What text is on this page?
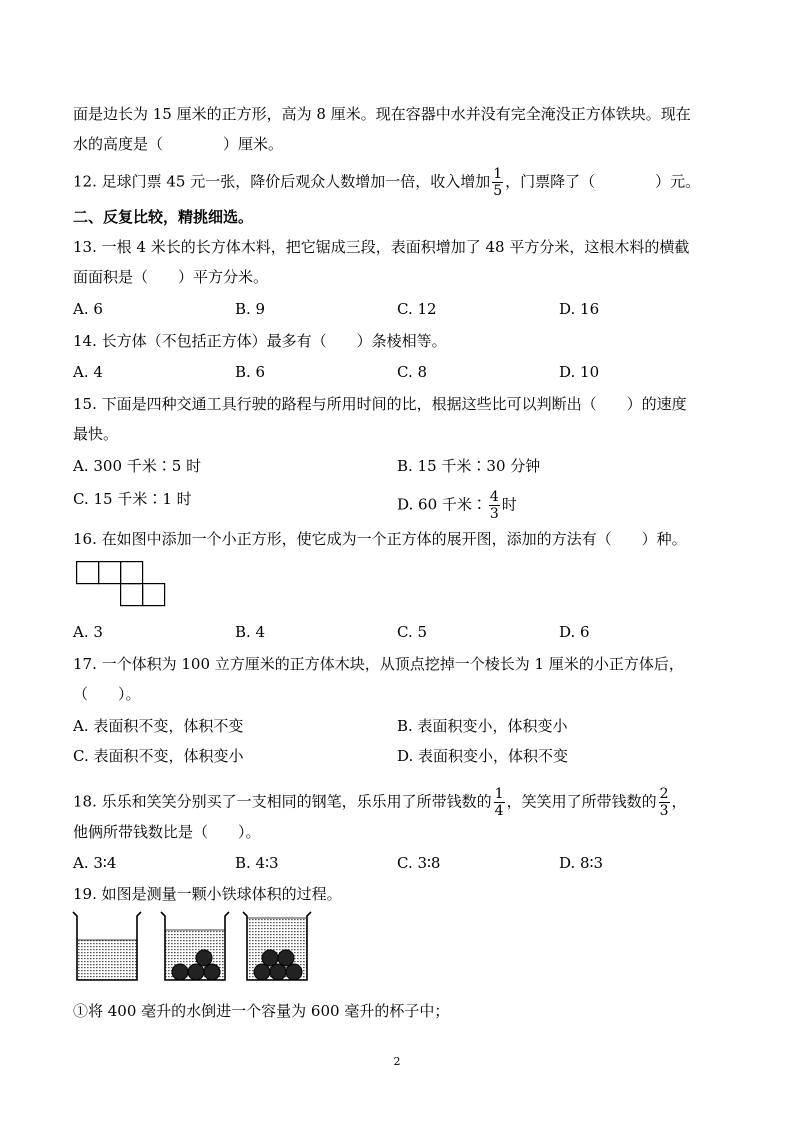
面是边长为 15 厘米的正方形，高为 8 厘米。现在容器中水并没有完全淹没正方体铁块。现在
水的高度是（　　　　）厘米。
12. 足球门票 45 元一张，降价后观众人数增加一倍，收入增加 $\frac{1}{5}$ ，门票降了（　　　　）元。
二、反复比较，精挑细选。
13. 一根 4 米长的长方体木料，把它锯成三段，表面积增加了 48 平方分米，这根木料的横截
面面积是（　　）平方分米。
A. 6	B. 9	C. 12	D. 16
14. 长方体（不包括正方体）最多有（　　）条棱相等。
A. 4	B. 6	C. 8	D. 10
15. 下面是四种交通工具行驶的路程与所用时间的比，根据这些比可以判断出（　　）的速度
最快。
A. 300 千米∶5 时	B. 15 千米∶30 分钟
C. 15 千米∶1 时	D. 60 千米∶ $\frac{4}{3}$ 时
16. 在如图中添加一个小正方形，使它成为一个正方体的展开图，添加的方法有（　　）种。
A. 3	B. 4	C. 5	D. 6
17. 一个体积为 100 立方厘米的正方体木块，从顶点挖掉一个棱长为 1 厘米的小正方体后，
（　　）。
A. 表面积不变，体积不变	B. 表面积变小，体积变小
C. 表面积不变，体积变小	D. 表面积变小，体积不变
18. 乐乐和笑笑分别买了一支相同的钢笔，乐乐用了所带钱数的 $\frac{1}{4}$ ，笑笑用了所带钱数的 $\frac{2}{3}$ ，
他俩所带钱数比是（　　）。
A. 3∶4	B. 4∶3	C. 3∶8	D. 8∶3
19. 如图是测量一颗小铁球体积的过程。
①将 400 毫升的水倒进一个容量为 600 毫升的杯子中；
2
